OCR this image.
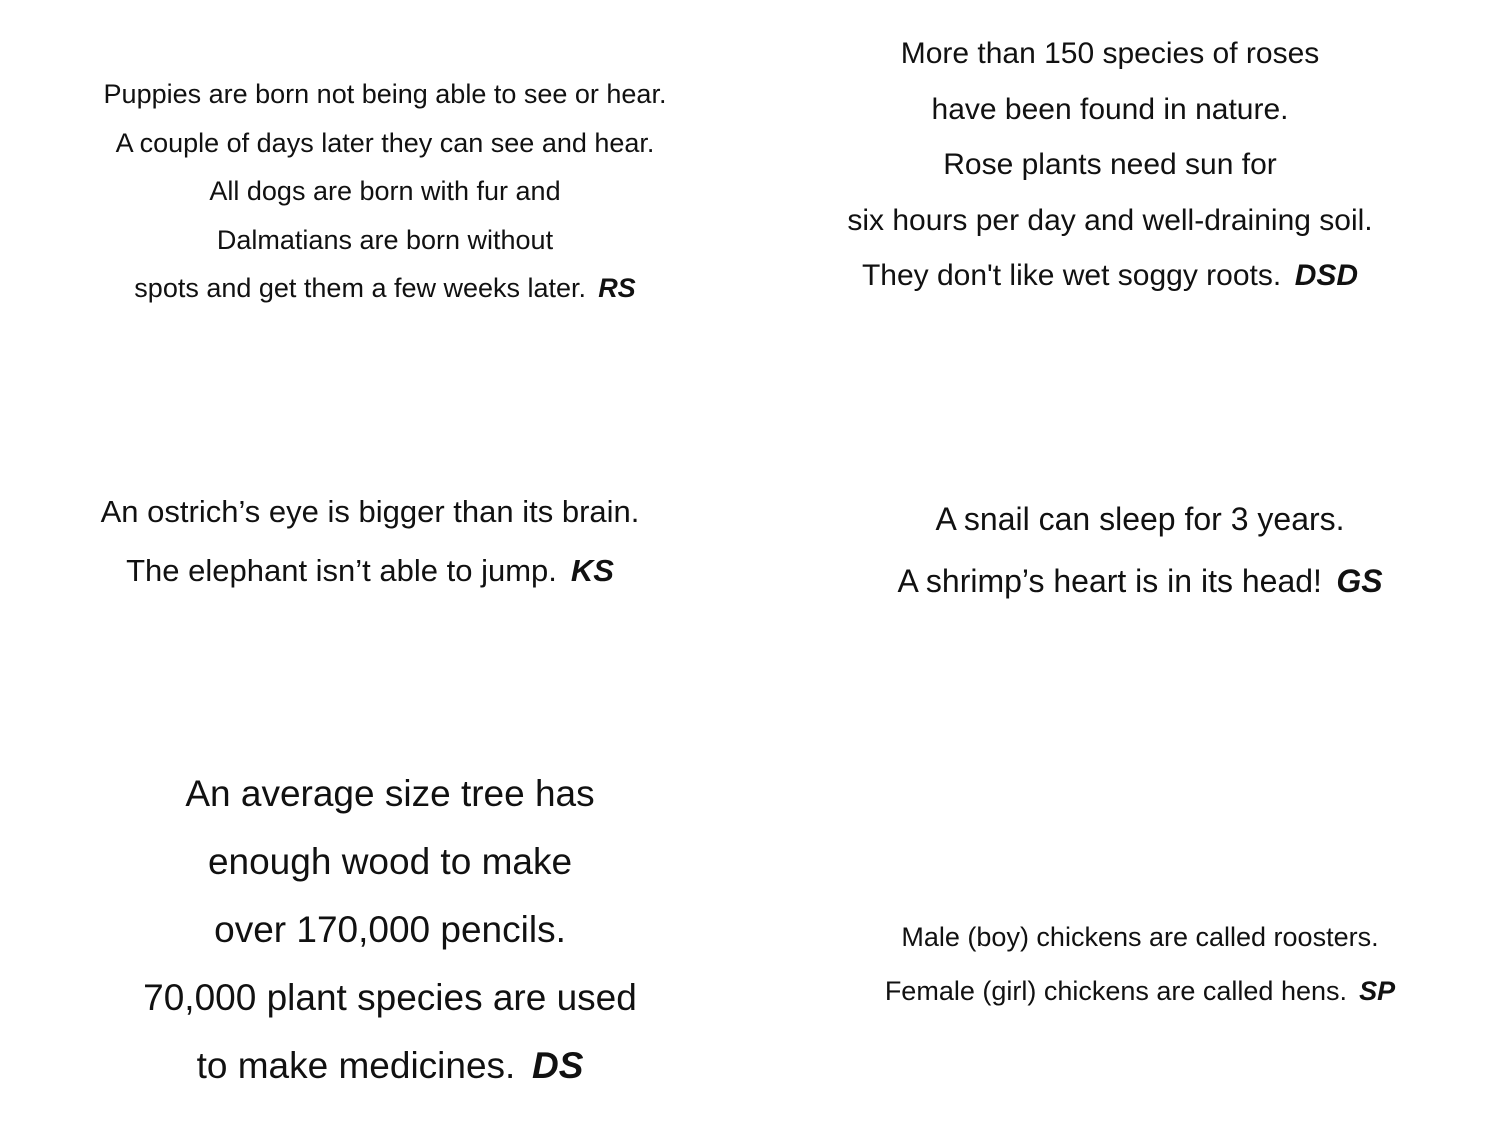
Puppies are born not being able to see or hear.
A couple of days later they can see and hear.
All dogs are born with fur and
Dalmatians are born without
spots and get them a few weeks later. RS
More than 150 species of roses
have been found in nature.
Rose plants need sun for
six hours per day and well-draining soil.
They don't like wet soggy roots. DSD
An ostrich’s eye is bigger than its brain.
The elephant isn’t able to jump. KS
A snail can sleep for 3 years.
A shrimp’s heart is in its head! GS
An average size tree has
enough wood to make
over 170,000 pencils.
70,000 plant species are used
to make medicines. DS
Male (boy) chickens are called roosters.
Female (girl) chickens are called hens. SP
